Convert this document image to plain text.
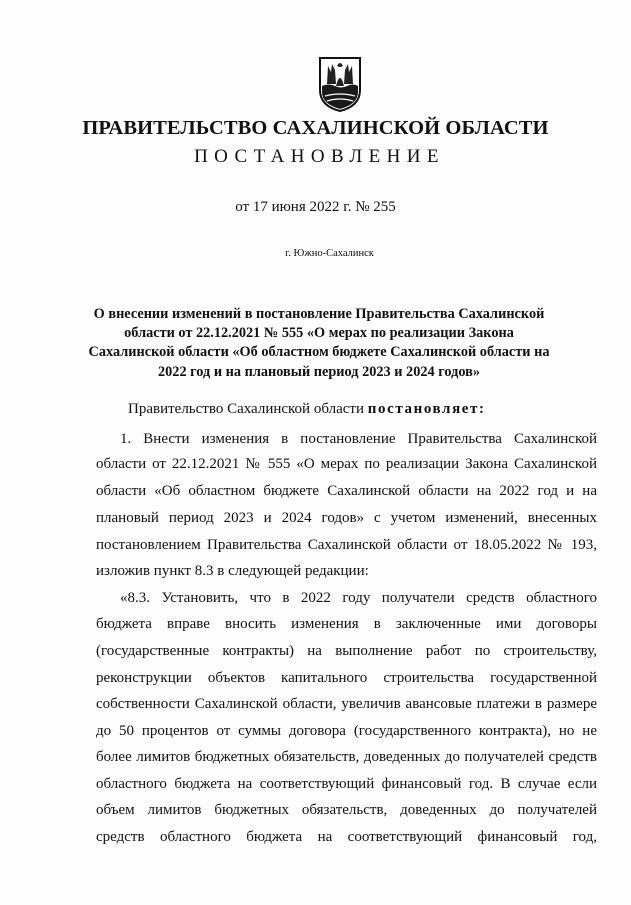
ПРАВИТЕЛЬСТВО САХАЛИНСКОЙ ОБЛАСТИ
ПОСТАНОВЛЕНИЕ
от 17 июня 2022 г. № 255
г. Южно-Сахалинск
О внесении изменений в постановление Правительства Сахалинской
области от 22.12.2021 № 555 «О мерах по реализации Закона
Сахалинской области «Об областном бюджете Сахалинской области на
2022 год и на плановый период 2023 и 2024 годов»
Правительство Сахалинской области постановляет:
1. Внести изменения в постановление Правительства Сахалинской
области от 22.12.2021 № 555 «О мерах по реализации Закона Сахалинской
области «Об областном бюджете Сахалинской области на 2022 год и на
плановый период 2023 и 2024 годов» с учетом изменений, внесенных
постановлением Правительства Сахалинской области от 18.05.2022 № 193,
изложив пункт 8.3 в следующей редакции:
«8.3. Установить, что в 2022 году получатели средств областного
бюджета вправе вносить изменения в заключенные ими договоры
(государственные контракты) на выполнение работ по строительству,
реконструкции объектов капитального строительства государственной
собственности Сахалинской области, увеличив авансовые платежи в размере
до 50 процентов от суммы договора (государственного контракта), но не
более лимитов бюджетных обязательств, доведенных до получателей средств
областного бюджета на соответствующий финансовый год. В случае если
объем лимитов бюджетных обязательств, доведенных до получателей
средств областного бюджета на соответствующий финансовый год,
